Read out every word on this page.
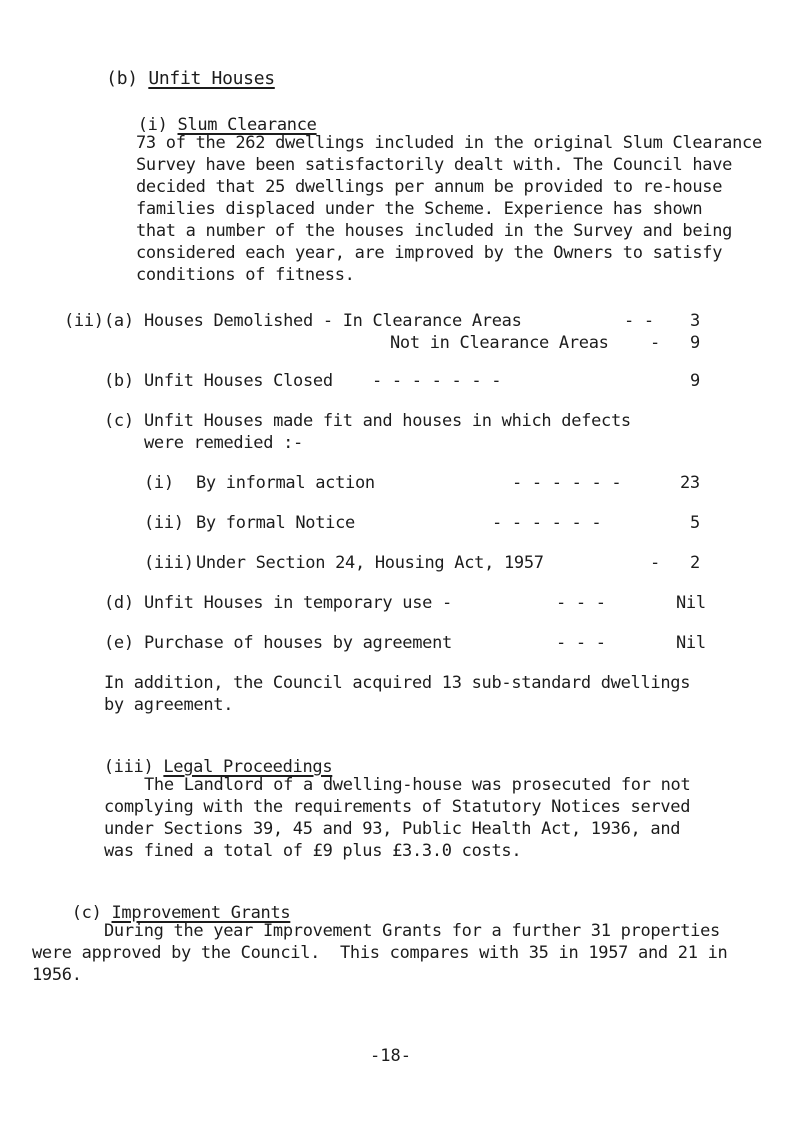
(b) Unfit Houses

(i) Slum Clearance

73 of the 262 dwellings included in the original Slum Clearance
Survey have been satisfactorily dealt with. The Council have
decided that 25 dwellings per annum be provided to re-house
families displaced under the Scheme. Experience has shown
that a number of the houses included in the Survey and being
considered each year, are improved by the Owners to satisfy
conditions of fitness.
(ii) (a) Houses Demolished - In Clearance Areas	- - 3
Not in Clearance Areas - 9
(b) Unfit Houses Closed - - - - - - -	9
(c) Unfit Houses made fit and houses in which defects
were remedied :-
(i) By informal action	- - - - - -	23
(ii) By formal Notice	- - - - - -	5
(iii) Under Section 24, Housing Act, 1957	- 2
(d) Unfit Houses in temporary use -	- - -	Nil
(e) Purchase of houses by agreement	- - -	Nil
In addition, the Council acquired 13 sub-standard dwellings
by agreement.

(iii) Legal Proceedings

The Landlord of a dwelling-house was prosecuted for not
complying with the requirements of Statutory Notices served
under Sections 39, 45 and 93, Public Health Act, 1936, and
was fined a total of £9 plus £3.3.0 costs.

(c) Improvement Grants

During the year Improvement Grants for a further 31 properties
were approved by the Council.  This compares with 35 in 1957 and 21 in
1956.
-18-
